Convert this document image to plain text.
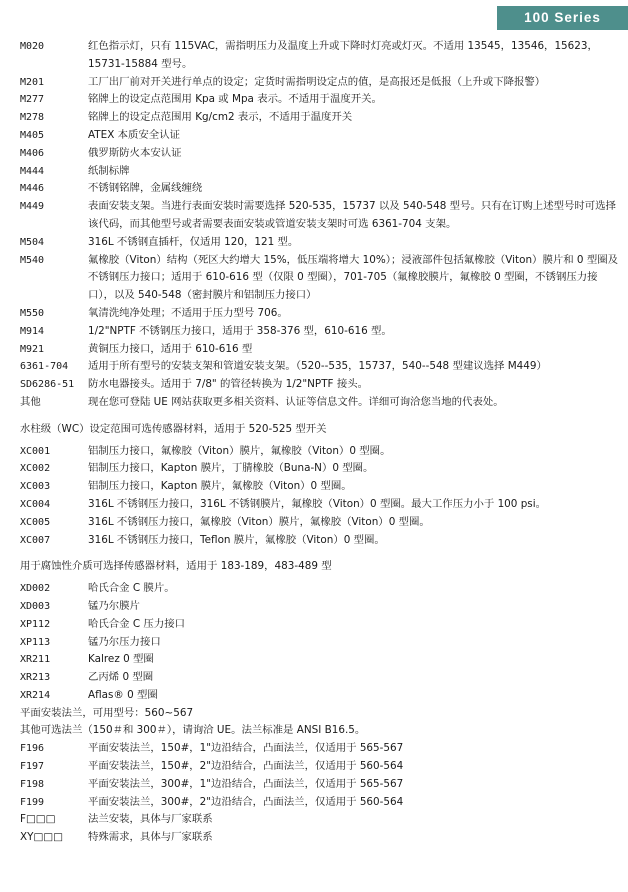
100 Series
M020	红色指示灯，只有 115VAC，需指明压力及温度上升或下降时灯亮或灯灭。不适用 13545，13546，15623，15731-15884 型号。
M201	工厂出厂前对开关进行单点的设定；定货时需指明设定点的值，是高报还是低报（上升或下降报警）
M277	铭牌上的设定点范围用 Kpa 或 Mpa 表示。不适用于温度开关。
M278	铭牌上的设定点范围用 Kg/cm2 表示，不适用于温度开关
M405	ATEX 本质安全认证
M406	俄罗斯防火本安认证
M444	纸制标牌
M446	不锈钢铭牌，金属线缠绕
M449	表面安装支架。当进行表面安装时需要选择 520-535，15737 以及 540-548 型号。只有在订购上述型号时可选择该代码，而其他型号或者需要表面安装或管道安装支架时可选 6361-704 支架。
M504	316L 不锈钢直插杆，仅适用 120，121 型。
M540	氟橡胶（Viton）结构（死区大约增大 15%，低压端将增大 10%）；浸液部件包括氟橡胶（Viton）膜片和 0 型圈及不锈钢压力接口；适用于 610-616 型（仅限 0 型圈），701-705（氟橡胶膜片，氟橡胶 0 型圈，不锈钢压力接口），以及 540-548（密封膜片和铝制压力接口）
M550	氧清洗纯净处理；不适用于压力型号 706。
M914	1/2"NPTF 不锈钢压力接口，适用于 358-376 型，610-616 型。
M921	黄铜压力接口，适用于 610-616 型
6361-704	适用于所有型号的安装支架和管道安装支架。（520--535，15737，540--548 型建议选择 M449）
SD6286-51	防水电器接头。适用于 7/8" 的管径转换为 1/2"NPTF 接头。
其他	现在您可登陆 UE 网站获取更多相关资料、认证等信息文件。详细可询洽您当地的代表处。
水柱级（WC）设定范围可选传感器材料，适用于 520-525 型开关
XC001	铝制压力接口，氟橡胶（Viton）膜片，氟橡胶（Viton）0 型圈。
XC002	铝制压力接口，Kapton 膜片，丁腈橡胶（Buna-N）0 型圈。
XC003	铝制压力接口，Kapton 膜片，氟橡胶（Viton）0 型圈。
XC004	316L 不锈钢压力接口，316L 不锈钢膜片，氟橡胶（Viton）0 型圈。最大工作压力小于 100 psi。
XC005	316L 不锈钢压力接口，氟橡胶（Viton）膜片，氟橡胶（Viton）0 型圈。
XC007	316L 不锈钢压力接口，Teflon 膜片，氟橡胶（Viton）0 型圈。
用于腐蚀性介质可选择传感器材料，适用于 183-189，483-489 型
XD002	哈氏合金 C 膜片。
XD003	锰乃尔膜片
XP112	哈氏合金 C 压力接口
XP113	锰乃尔压力接口
XR211	Kalrez 0 型圈
XR213	乙丙烯 0 型圈
XR214	Aflas® 0 型圈
平面安装法兰，可用型号：560~567
其他可选法兰（150＃和 300＃），请询洽 UE。法兰标准是 ANSI B16.5。
F196	平面安装法兰，150#，1"边沿结合，凸面法兰，仅适用于 565-567
F197	平面安装法兰，150#，2"边沿结合，凸面法兰，仅适用于 560-564
F198	平面安装法兰，300#，1"边沿结合，凸面法兰，仅适用于 565-567
F199	平面安装法兰，300#，2"边沿结合，凸面法兰，仅适用于 560-564
F□□□	法兰安装，具体与厂家联系
XY□□□	特殊需求，具体与厂家联系
